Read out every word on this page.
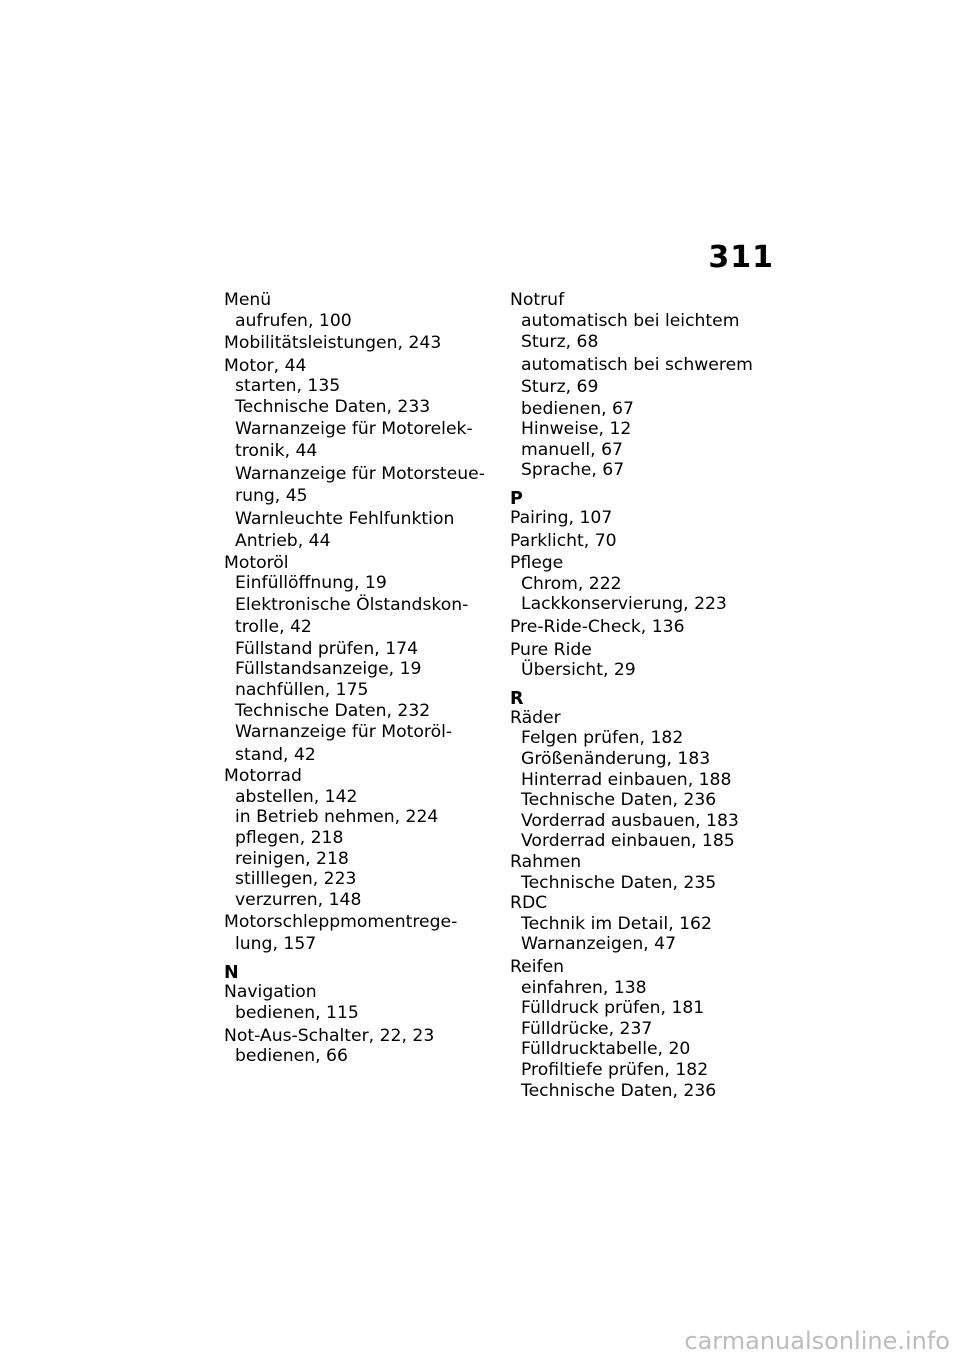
311
Menü
aufrufen, 100
Mobilitätsleistungen, 243
Motor, 44
starten, 135
Technische Daten, 233
Warnanzeige für Motorelek-
tronik, 44
Warnanzeige für Motorsteue-
rung, 45
Warnleuchte Fehlfunktion
Antrieb, 44
Motoröl
Einfüllöffnung, 19
Elektronische Ölstandskon-
trolle, 42
Füllstand prüfen, 174
Füllstandsanzeige, 19
nachfüllen, 175
Technische Daten, 232
Warnanzeige für Motoröl-
stand, 42
Motorrad
abstellen, 142
in Betrieb nehmen, 224
pflegen, 218
reinigen, 218
stilllegen, 223
verzurren, 148
Motorschleppmomentrege-
lung, 157
N
Navigation
bedienen, 115
Not-Aus-Schalter, 22, 23
bedienen, 66
Notruf
automatisch bei leichtem
Sturz, 68
automatisch bei schwerem
Sturz, 69
bedienen, 67
Hinweise, 12
manuell, 67
Sprache, 67
P
Pairing, 107
Parklicht, 70
Pflege
Chrom, 222
Lackkonservierung, 223
Pre-Ride-Check, 136
Pure Ride
Übersicht, 29
R
Räder
Felgen prüfen, 182
Größenänderung, 183
Hinterrad einbauen, 188
Technische Daten, 236
Vorderrad ausbauen, 183
Vorderrad einbauen, 185
Rahmen
Technische Daten, 235
RDC
Technik im Detail, 162
Warnanzeigen, 47
Reifen
einfahren, 138
Fülldruck prüfen, 181
Fülldrücke, 237
Fülldrucktabelle, 20
Profiltiefe prüfen, 182
Technische Daten, 236
carmanualsonline.info
